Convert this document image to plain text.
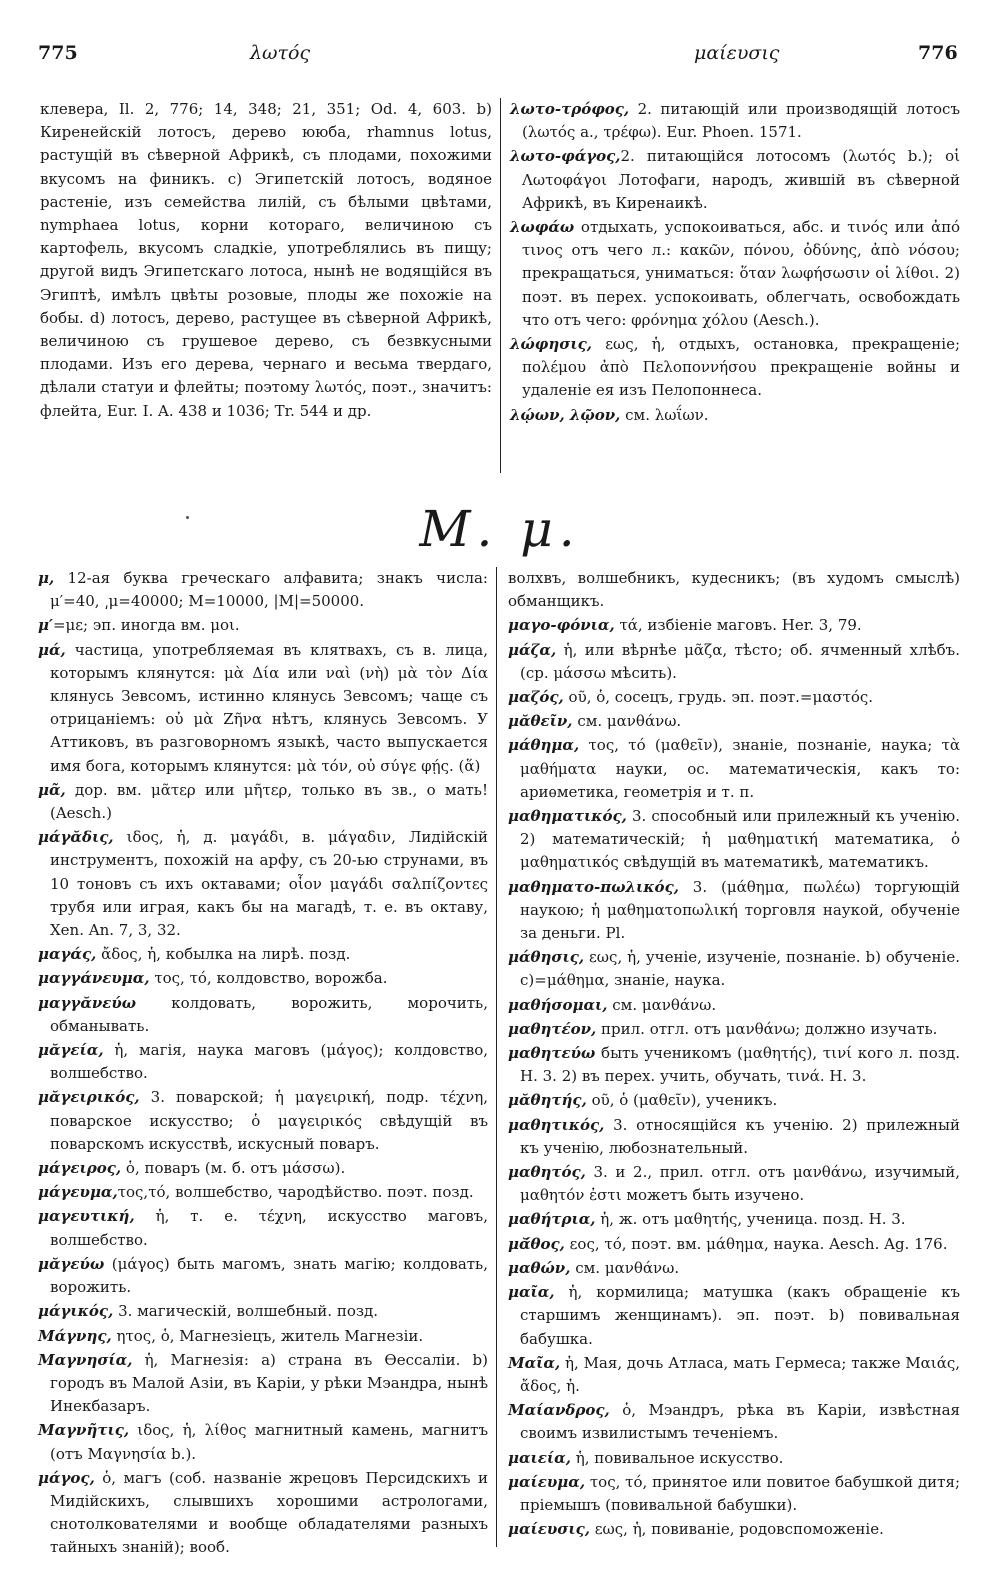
775	λωτός	μαίευσις	776

клевера, Il. 2, 776; 14, 348; 21, 351; Od. 4, 603. b) Киренейскій лотосъ, дерево ююба, rhamnus lotus, растущій въ сѣверной Африкѣ, съ плодами, похожими вкусомъ на финикъ. c) Эгипетскій лотосъ, водяное растеніе, изъ семейства лилій, съ бѣлыми цвѣтами, nymphaea lotus, корни котораго, величиною съ картофель, вкусомъ сладкіе, употреблялись въ пищу; другой видъ Эгипетскаго лотоса, нынѣ не водящійся въ Эгиптѣ, имѣлъ цвѣты розовые, плоды же похожіе на бобы. d) лотосъ, дерево, растущее въ сѣверной Африкѣ, величиною съ грушевое дерево, съ безвкусными плодами. Изъ его дерева, чернаго и весьма твердаго, дѣлали статуи и флейты; поэтому λωτός, поэт., значитъ: флейта, Eur. I. A. 438 и 1036; Tr. 544 и др.

λωτο-τρόφος, 2. питающій или производящій лотосъ (λωτός a., τρέφω). Eur. Phoen. 1571.

λωτο-φάγος,2. питающійся лотосомъ (λωτός b.); οἱ Λωτοφάγοι Лотофаги, народъ, жившій въ сѣверной Африкѣ, въ Киренаикѣ.

λωφάω отдыхать, успокоиваться, абс. и τινός или ἀπό τινος отъ чего л.: κακῶν, πόνου, ὀδύνης, ἀπὸ νόσου; прекращаться, униматься: ὅταν λωφήσωσιν οἱ λίθοι. 2) поэт. въ перех. успокоивать, облегчать, освобождать что отъ чего: φρόνημα χόλου (Aesch.).

λώφησις, εως, ἡ, отдыхъ, остановка, прекращеніе; πολέμου ἀπὸ Πελοποννήσου прекращеніе войны и удаленіе ея изъ Пелопоннеса.

λῴων, λῷον, см. λωΐων.

Μ. μ.

μ, 12-ая буква греческаго алфавита; знакъ числа: μ′=40, ͵μ=40000; M=10000, |M|=50000.

μ′=με; эп. иногда вм. μοι.

μά, частица, употребляемая въ клятвахъ, съ в. лица, которымъ клянутся: μὰ Δία или ναὶ (νὴ) μὰ τὸν Δία клянусь Зевсомъ, истинно клянусь Зевсомъ; чаще съ отрицаніемъ: οὐ μὰ Ζῆνα нѣтъ, клянусь Зевсомъ. У Аттиковъ, въ разговорномъ языкѣ, часто выпускается имя бога, которымъ клянутся: μὰ τόν, οὐ σύγε φῄς. (ἅ)

μᾶ, дор. вм. μᾶτερ или μῆτερ, только въ зв., о мать! (Aesch.)

μάγᾰδις, ιδος, ἡ, д. μαγάδι, в. μάγαδιν, Лидійскій инструментъ, похожій на арфу, съ 20-ью струнами, въ 10 тоновъ съ ихъ октавами; οἷον μαγάδι σαλπίζοντες трубя или играя, какъ бы на магадѣ, т. е. въ октаву, Xen. An. 7, 3, 32.

μαγάς, ἄδος, ἡ, кобылка на лирѣ. позд.

μαγγάνευμα, τος, τό, колдовство, ворожба.

μαγγᾰνεύω колдовать, ворожить, морочить, обманывать.

μᾰγεία, ἡ, магія, наука маговъ (μάγος); колдовство, волшебство.

μᾰγειρικός, 3. поварской; ἡ μαγειρική, подр. τέχνη, поварское искусство; ὁ μαγειρικός свѣдущій въ поварскомъ искусствѣ, искусный поваръ.

μάγειρος, ὁ, поваръ (м. б. отъ μάσσω).

μάγευμα,τος,τό, волшебство, чародѣйство. поэт. позд.

μαγευτική, ἡ, т. е. τέχνη, искусство маговъ, волшебство.

μᾰγεύω (μάγος) быть магомъ, знать магію; колдовать, ворожить.

μάγικός, 3. магическій, волшебный. позд.

Μάγνης, ητος, ὁ, Магнезіецъ, житель Магнезіи.

Μαγνησία, ἡ, Магнезія: а) страна въ Ѳессаліи. b) городъ въ Малой Азіи, въ Каріи, у рѣки Мэандра, нынѣ Инекбазаръ.

Μαγνῆτις, ιδος, ἡ, λίθος магнитный камень, магнитъ (отъ Μαγνησία b.).

μάγος, ὁ, магъ (соб. названіе жрецовъ Персидскихъ и Мидійскихъ, слывшихъ хорошими астрологами, снотолкователями и вообще обладателями разныхъ тайныхъ знаній); вооб.

волхвъ, волшебникъ, кудесникъ; (въ худомъ смыслѣ) обманщикъ.

μαγο-φόνια, τά, избіеніе маговъ. Her. 3, 79.

μάζα, ἡ, или вѣрнѣе μᾶζα, тѣсто; об. ячменный хлѣбъ. (ср. μάσσω мѣсить).

μαζός, οῦ, ὁ, сосецъ, грудь. эп. поэт.=μαστός.

μᾰθεῖν, см. μανθάνω.

μάθημα, τος, τό (μαθεῖν), знаніе, познаніе, наука; τὰ μαθήματα науки, ос. математическія, какъ то: ариѳметика, геометрія и т. п.

μαθηματικός, 3. способный или прилежный къ ученію. 2) математическій; ἡ μαθηματική математика, ὁ μαθηματικός свѣдущій въ математикѣ, математикъ.

μαθηματο-πωλικός, 3. (μάθημα, πωλέω) торгующій наукою; ἡ μαθηματοπωλική торговля наукой, обученіе за деньги. Pl.

μάθησις, εως, ἡ, ученіе, изученіе, познаніе. b) обученіе. c)=μάθημα, знаніе, наука.

μαθήσομαι, см. μανθάνω.

μαθητέον, прил. отгл. отъ μανθάνω; должно изучать.

μαθητεύω быть ученикомъ (μαθητής), τινί кого л. позд. H. 3. 2) въ перех. учить, обучать, τινά. H. 3.

μᾰθητής, οῦ, ὁ (μαθεῖν), ученикъ.

μαθητικός, 3. относящійся къ ученію. 2) прилежный къ ученію, любознательный.

μαθητός, 3. и 2., прил. отгл. отъ μανθάνω, изучимый, μαθητόν ἐστι можетъ быть изучено.

μαθήτρια, ἡ, ж. отъ μαθητής, ученица. позд. H. 3.

μᾰ́θος, εος, τό, поэт. вм. μάθημα, наука. Aesch. Ag. 176.

μαθών, см. μανθάνω.

μαῖα, ἡ, кормилица; матушка (какъ обращеніе къ старшимъ женщинамъ). эп. поэт. b) повивальная бабушка.

Μαῖα, ἡ, Мая, дочь Атласа, мать Гермеса; также Μαιάς, ἄδος, ἡ.

Μαίανδρος, ὁ, Мэандръ, рѣка въ Каріи, извѣстная своимъ извилистымъ теченіемъ.

μαιεία, ἡ, повивальное искусство.

μαίευμα, τος, τό, принятое или повитое бабушкой дитя; пріемышъ (повивальной бабушки).

μαίευσις, εως, ἡ, повиваніе, родовспоможеніе.
